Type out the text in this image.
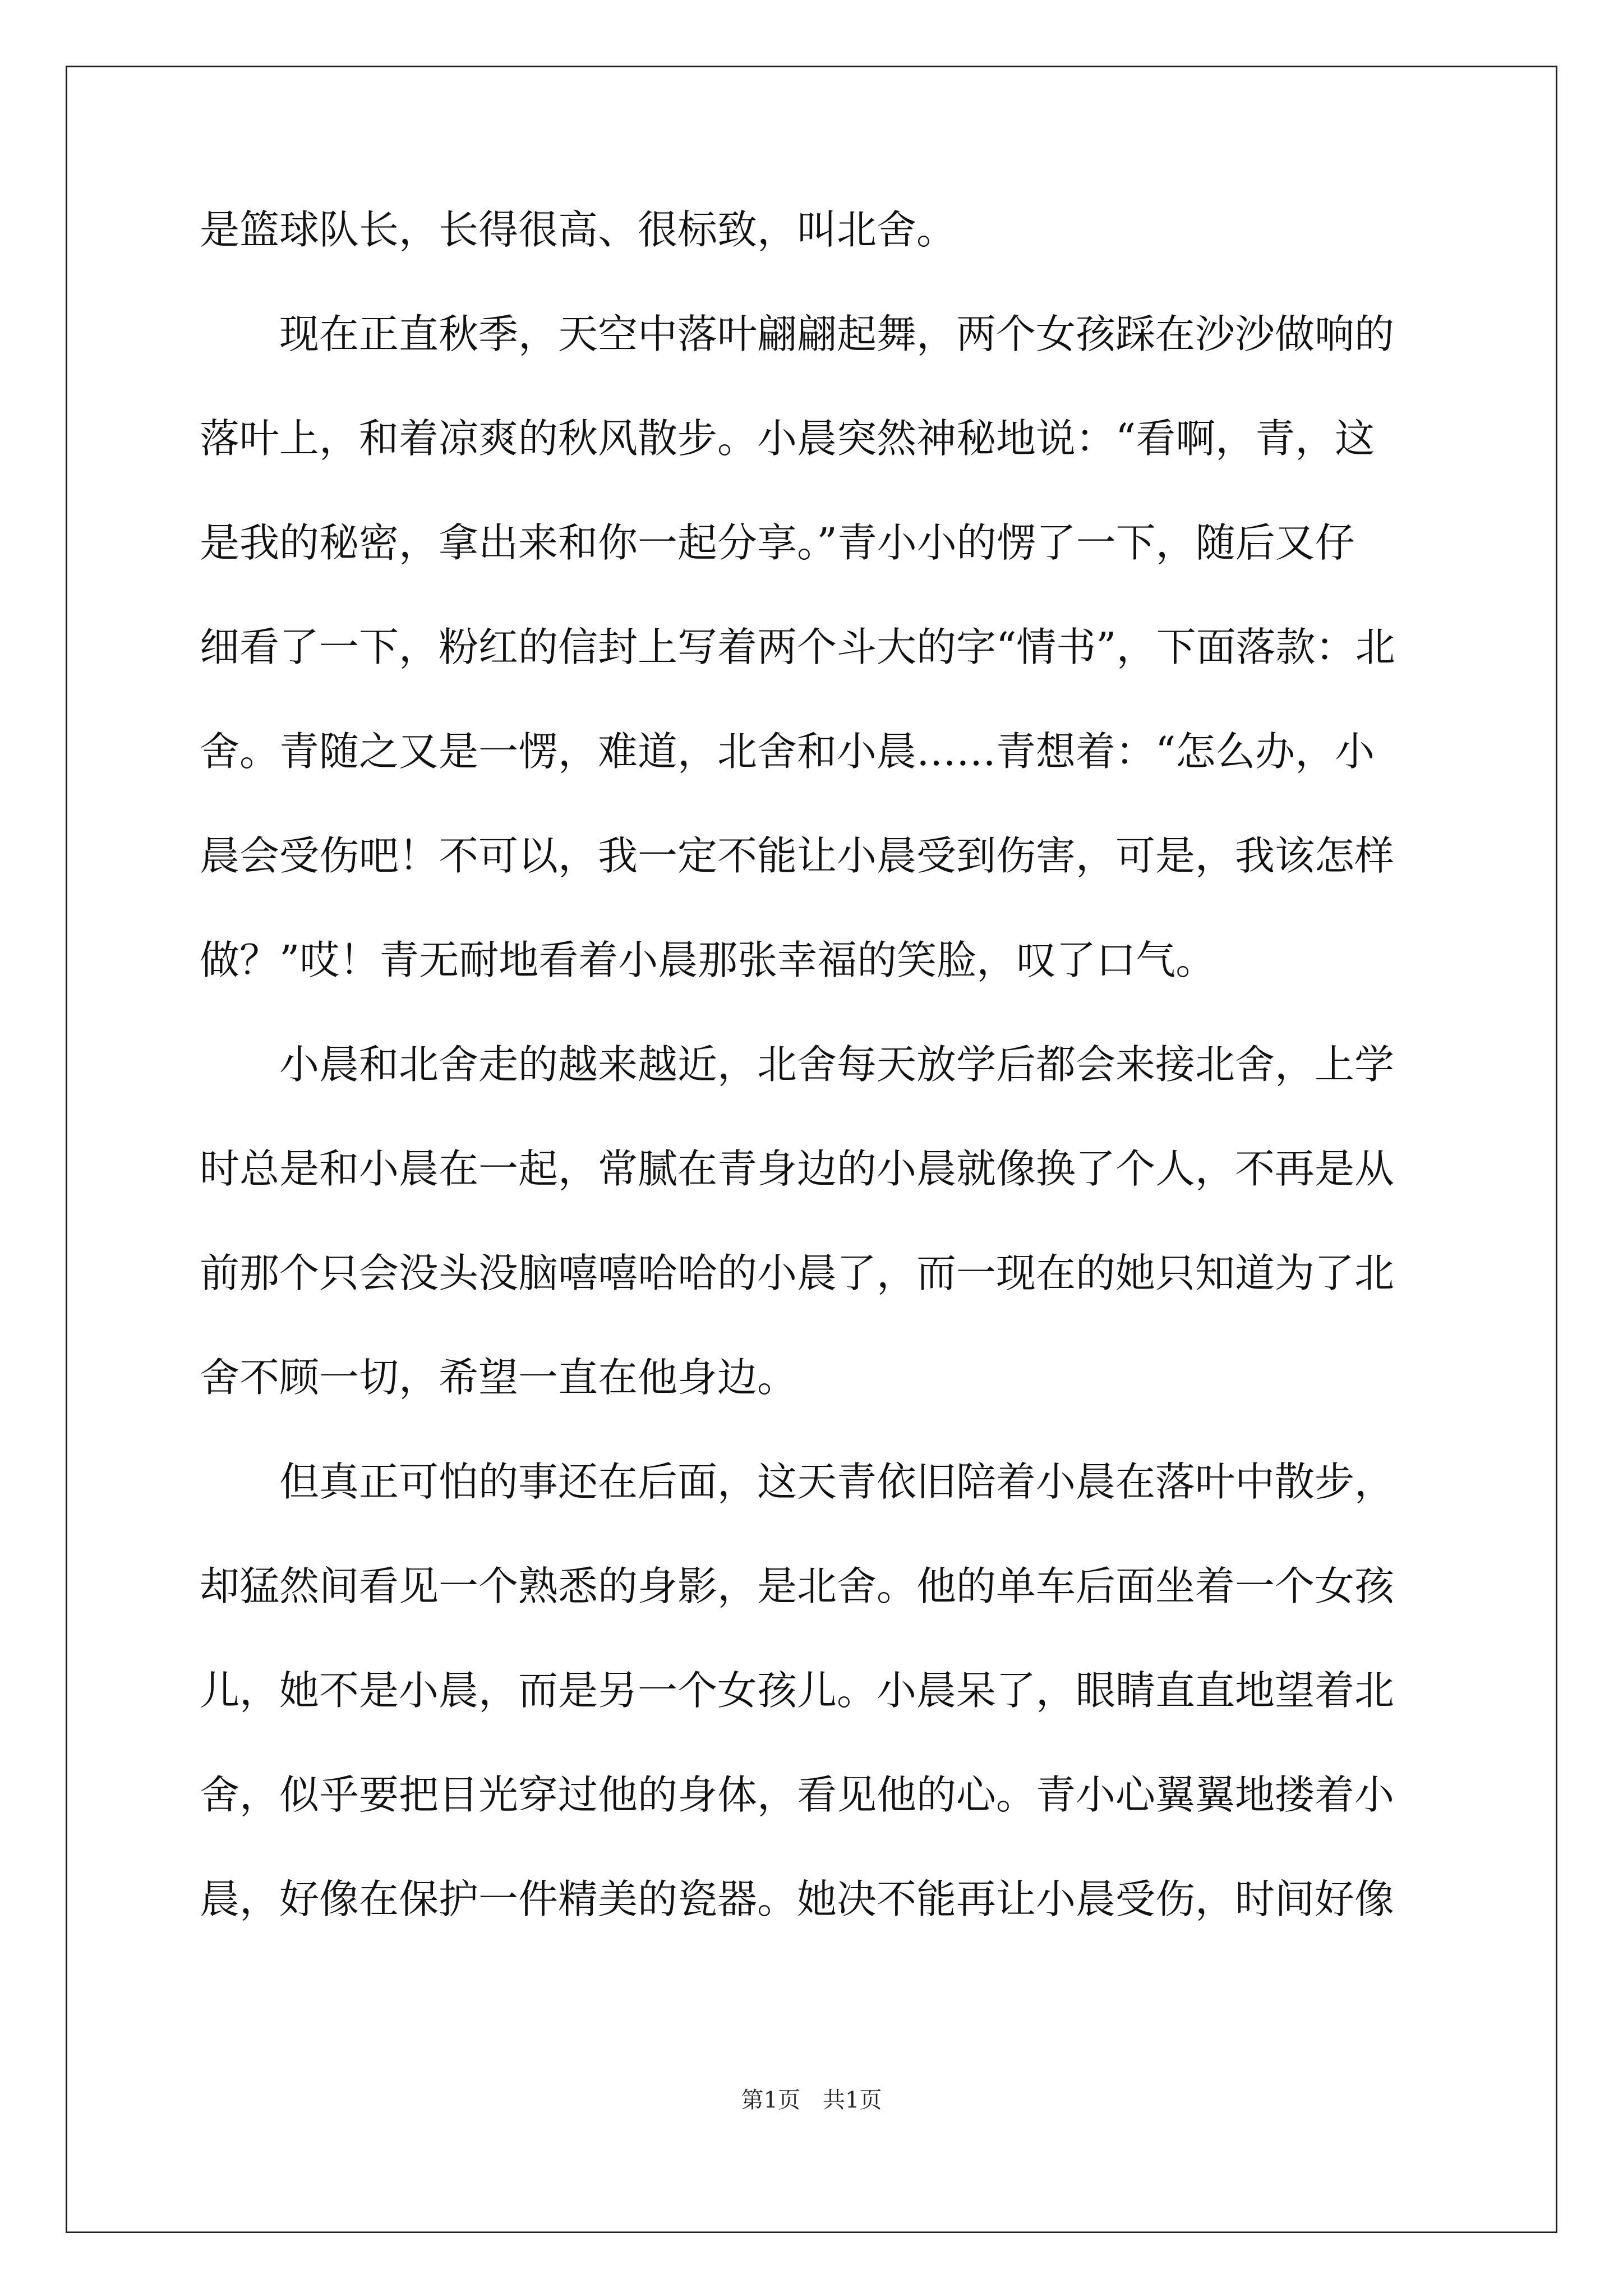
是篮球队长，长得很高、很标致，叫北舍。
　　现在正直秋季，天空中落叶翩翩起舞，两个女孩踩在沙沙做响的
落叶上，和着凉爽的秋风散步。小晨突然神秘地说：“看啊，青，这
是我的秘密，拿出来和你一起分享。”青小小的愣了一下，随后又仔
细看了一下，粉红的信封上写着两个斗大的字“情书”，下面落款：北
舍。青随之又是一愣，难道，北舍和小晨……青想着：“怎么办，小
晨会受伤吧！不可以，我一定不能让小晨受到伤害，可是，我该怎样
做？”哎！青无耐地看着小晨那张幸福的笑脸，叹了口气。
　　小晨和北舍走的越来越近，北舍每天放学后都会来接北舍，上学
时总是和小晨在一起，常腻在青身边的小晨就像换了个人，不再是从
前那个只会没头没脑嘻嘻哈哈的小晨了，而一现在的她只知道为了北
舍不顾一切，希望一直在他身边。
　　但真正可怕的事还在后面，这天青依旧陪着小晨在落叶中散步，
却猛然间看见一个熟悉的身影，是北舍。他的单车后面坐着一个女孩
儿，她不是小晨，而是另一个女孩儿。小晨呆了，眼睛直直地望着北
舍，似乎要把目光穿过他的身体，看见他的心。青小心翼翼地搂着小
晨，好像在保护一件精美的瓷器。她决不能再让小晨受伤，时间好像
第1页　共1页
